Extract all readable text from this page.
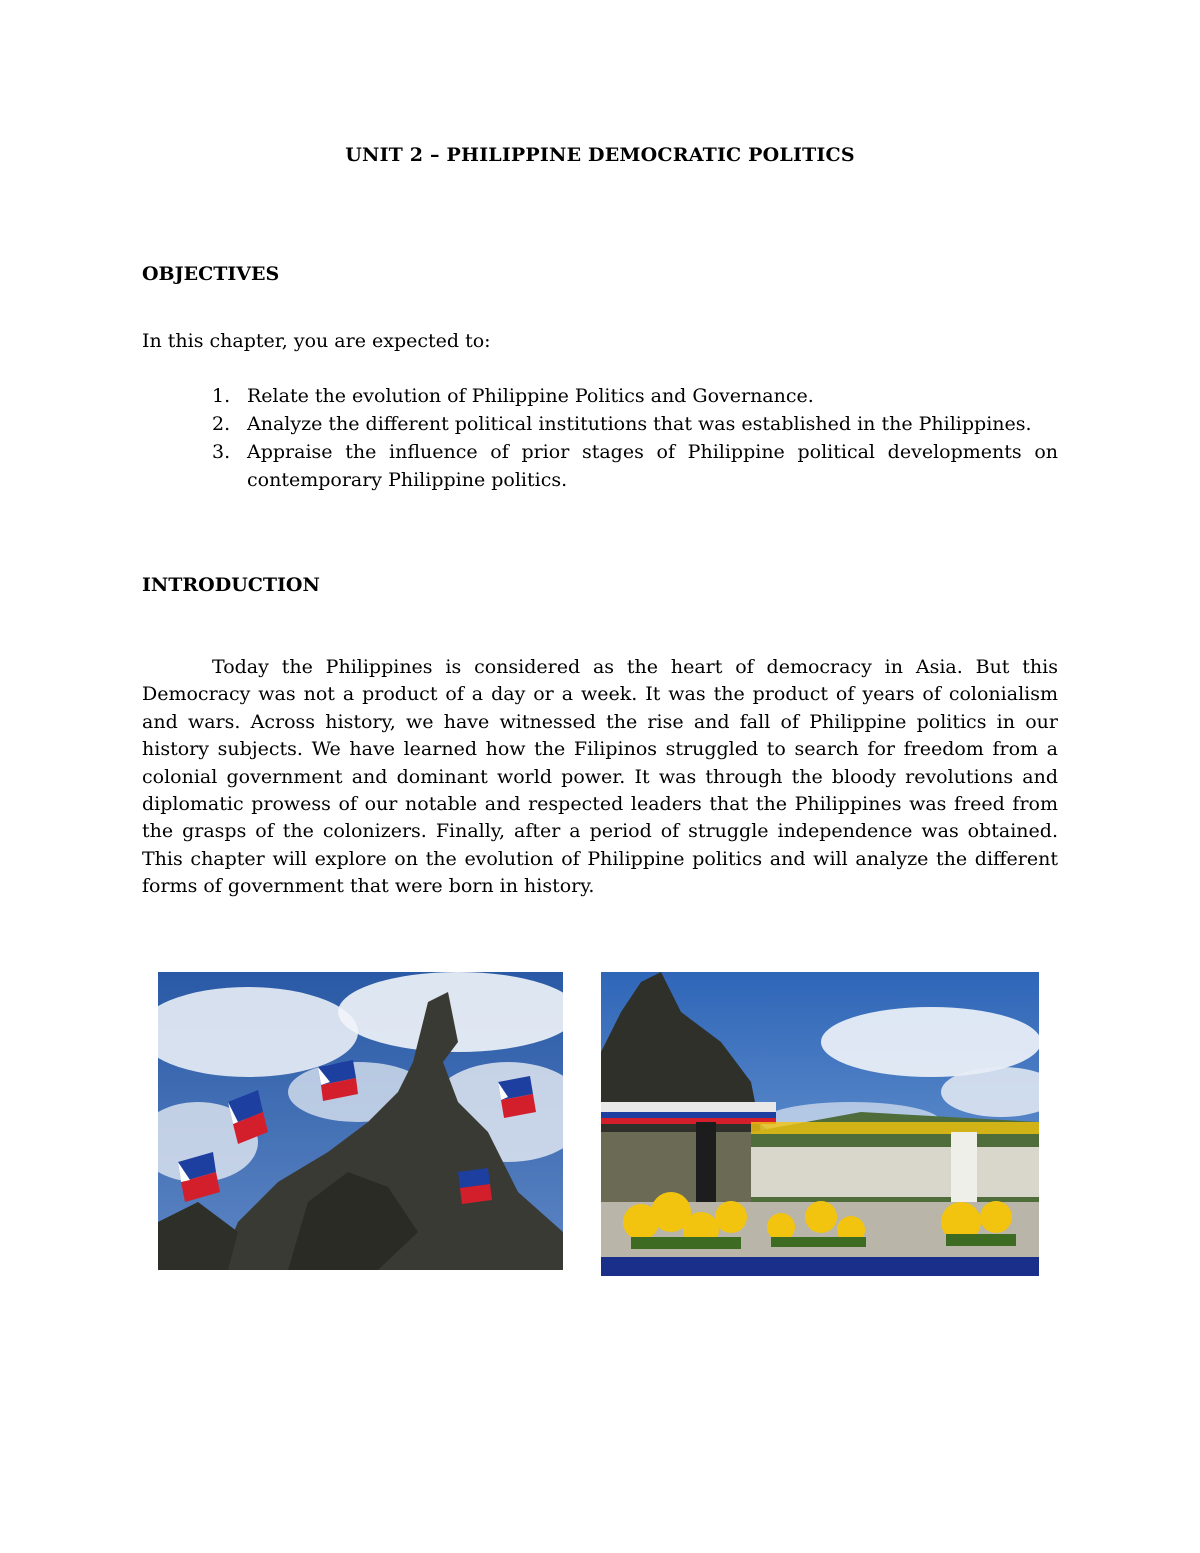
UNIT 2 – PHILIPPINE DEMOCRATIC POLITICS
OBJECTIVES
In this chapter, you are expected to:
1. Relate the evolution of Philippine Politics and Governance.
2. Analyze the different political institutions that was established in the Philippines.
3. Appraise the influence of prior stages of Philippine political developments on contemporary Philippine politics.
INTRODUCTION

Today the Philippines is considered as the heart of democracy in Asia. But this Democracy was not a product of a day or a week. It was the product of years of colonialism and wars. Across history, we have witnessed the rise and fall of Philippine politics in our history subjects. We have learned how the Filipinos struggled to search for freedom from a colonial government and dominant world power. It was through the bloody revolutions and diplomatic prowess of our notable and respected leaders that the Philippines was freed from the grasps of the colonizers. Finally, after a period of struggle independence was obtained. This chapter will explore on the evolution of Philippine politics and will analyze the different forms of government that were born in history.
